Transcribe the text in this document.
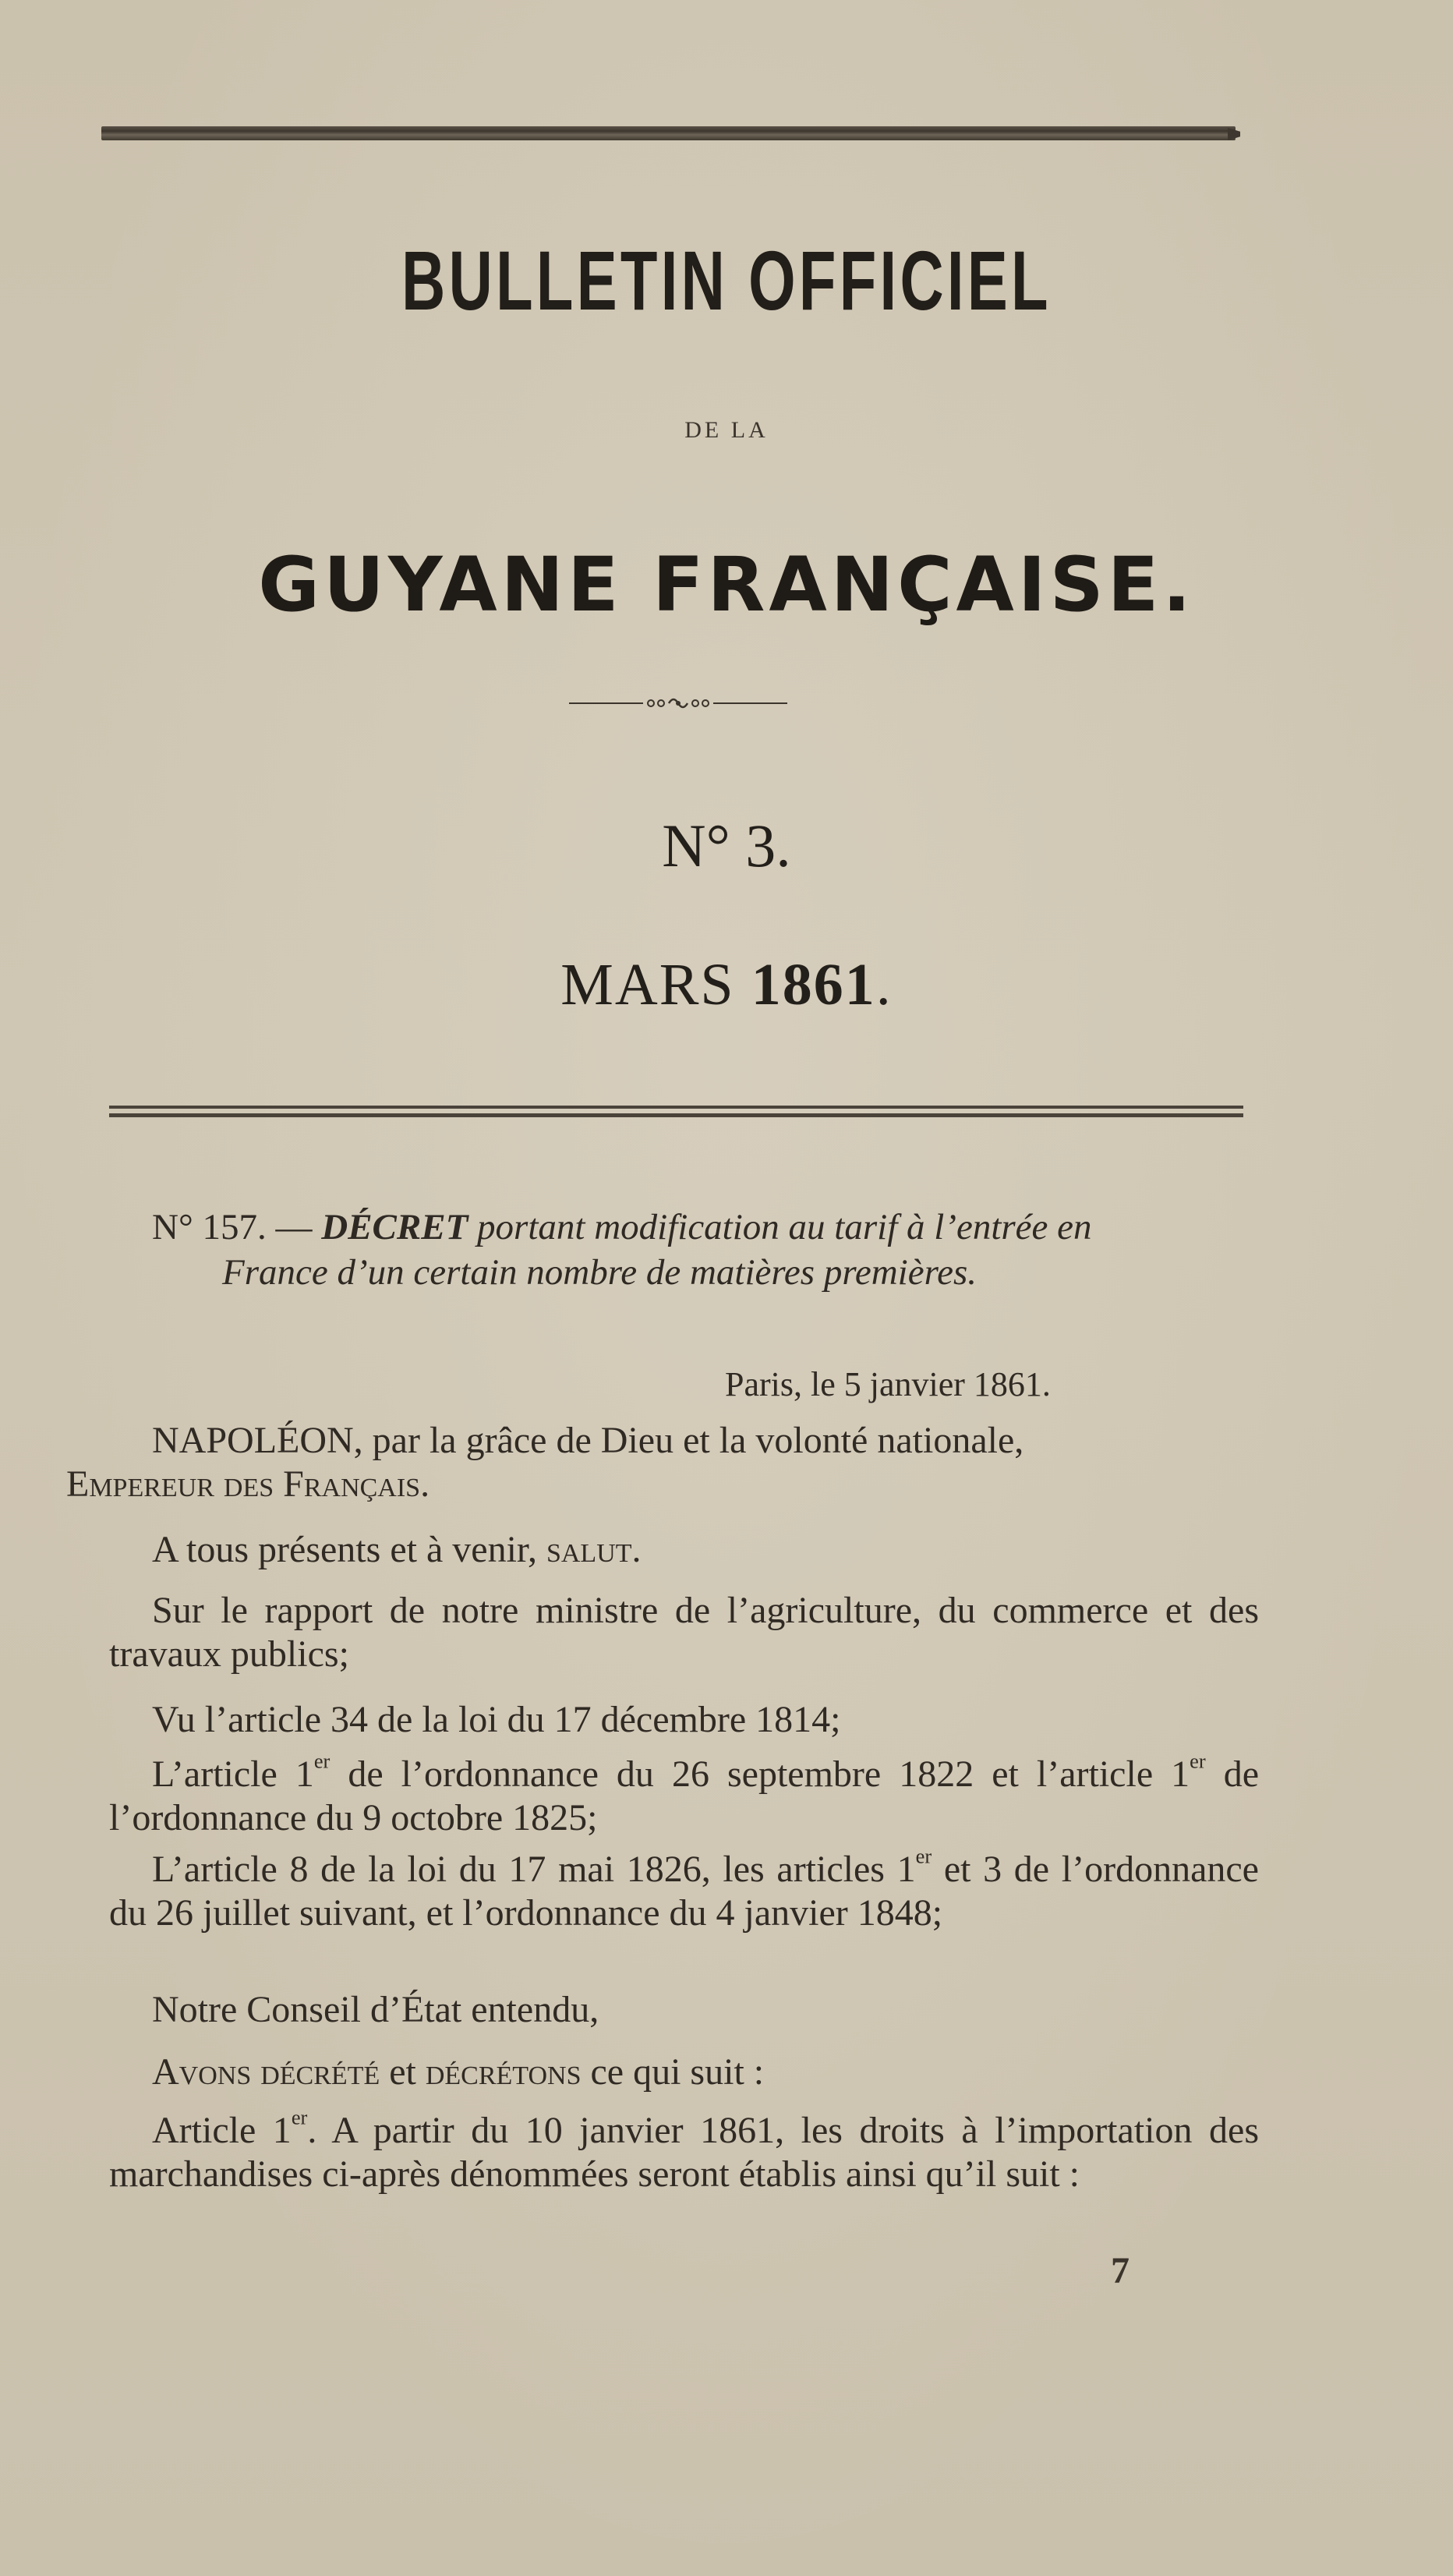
BULLETIN OFFICIEL
DE LA
GUYANE FRANÇAISE.
N° 3.
MARS 1861.
N° 157. — DÉCRET portant modification au tarif à l’entrée en
France d’un certain nombre de matières premières.
Paris, le 5 janvier 1861.
NAPOLÉON, par la grâce de Dieu et la volonté nationale,
Empereur des Français.
A tous présents et à venir, salut.
Sur le rapport de notre ministre de l’agriculture, du commerce et des travaux publics;
Vu l’article 34 de la loi du 17 décembre 1814;
L’article 1er de l’ordonnance du 26 septembre 1822 et l’article 1er de l’ordonnance du 9 octobre 1825;
L’article 8 de la loi du 17 mai 1826, les articles 1er et 3 de l’ordonnance du 26 juillet suivant, et l’ordonnance du 4 janvier 1848;
Notre Conseil d’État entendu,
Avons décrété et décrétons ce qui suit :
Article 1er. A partir du 10 janvier 1861, les droits à l’importation des marchandises ci-après dénommées seront établis ainsi qu’il suit :
7
